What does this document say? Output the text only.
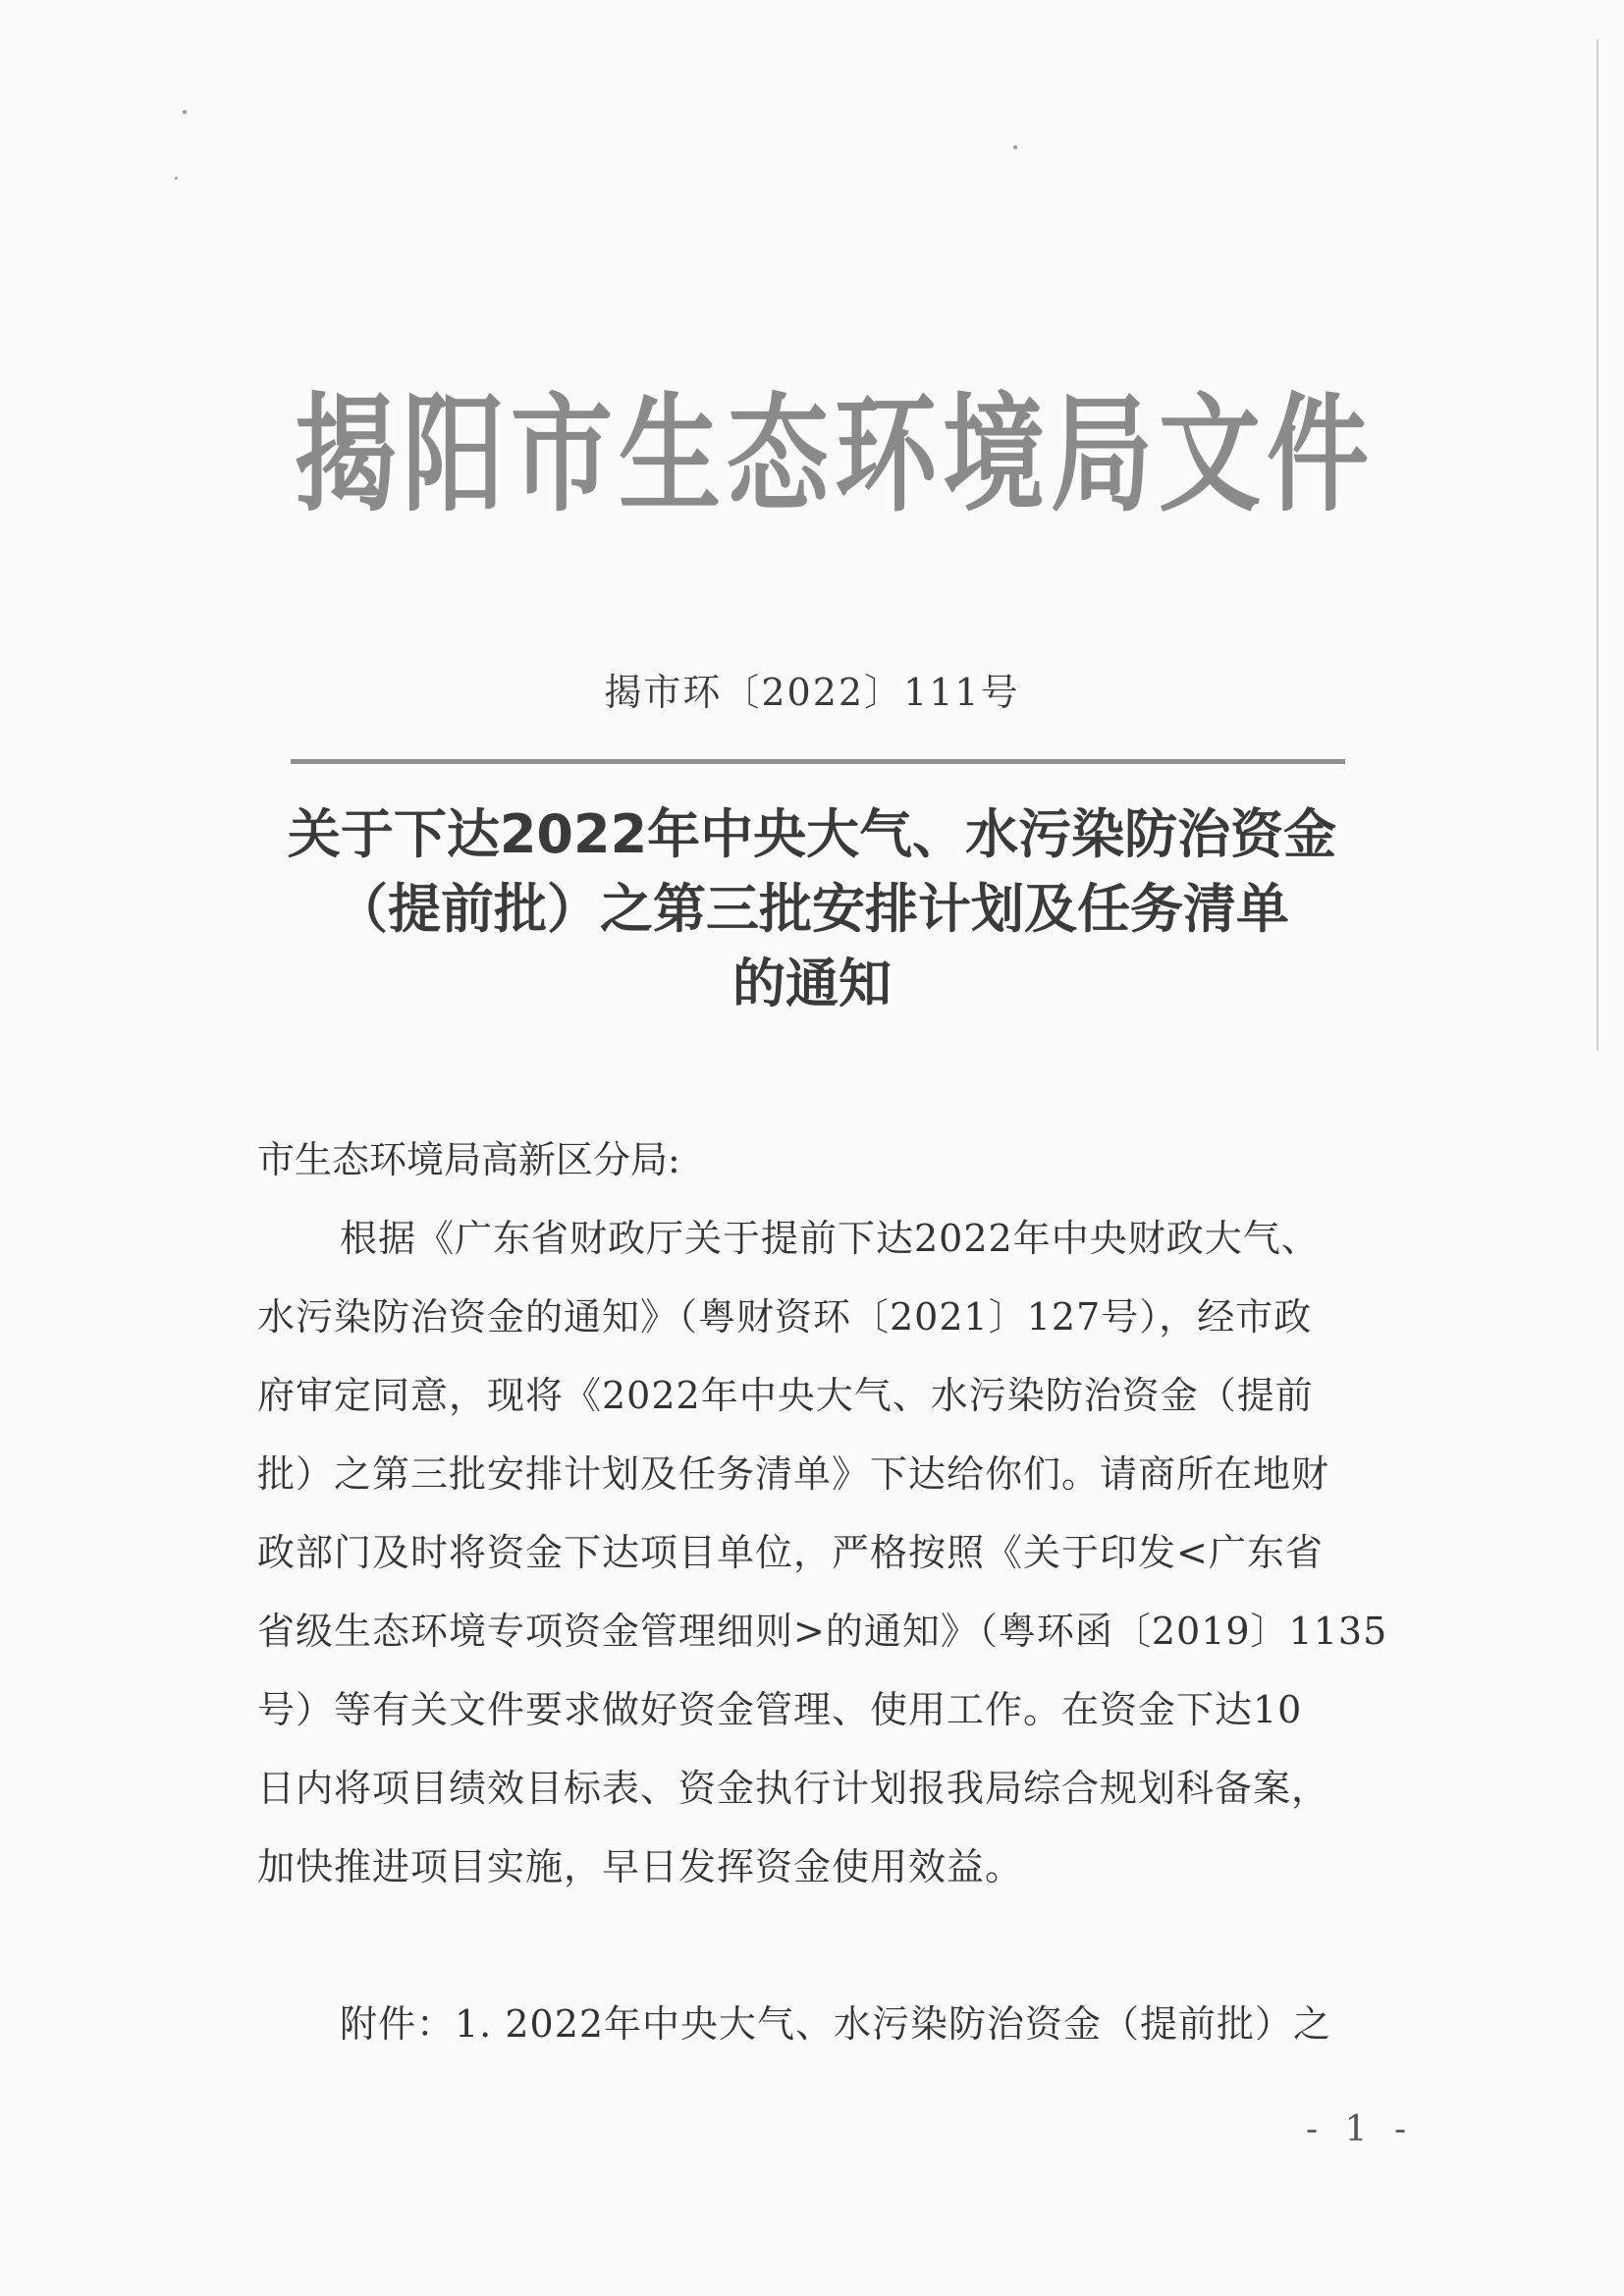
揭阳市生态环境局文件
揭市环〔2022〕111号
关于下达2022年中央大气、水污染防治资金
（提前批）之第三批安排计划及任务清单
的通知
市生态环境局高新区分局:
根据《广东省财政厅关于提前下达2022年中央财政大气、
水污染防治资金的通知》（粤财资环〔2021〕127号），经市政
府审定同意，现将《2022年中央大气、水污染防治资金（提前
批）之第三批安排计划及任务清单》下达给你们。请商所在地财
政部门及时将资金下达项目单位，严格按照《关于印发<广东省
省级生态环境专项资金管理细则>的通知》（粤环函〔2019〕1135
号）等有关文件要求做好资金管理、使用工作。在资金下达10
日内将项目绩效目标表、资金执行计划报我局综合规划科备案，
加快推进项目实施，早日发挥资金使用效益。
附件：1. 2022年中央大气、水污染防治资金（提前批）之
- 1 -
